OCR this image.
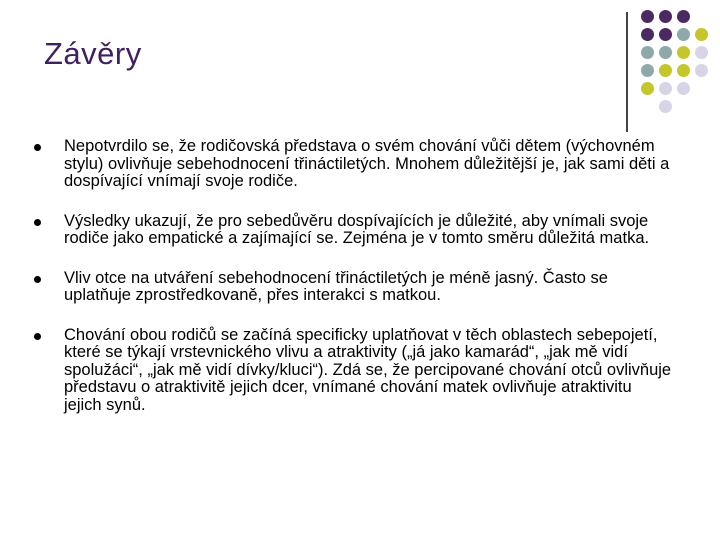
Závěry
Nepotvrdilo se, že rodičovská představa o svém chování vůči dětem (výchovném stylu) ovlivňuje sebehodnocení třináctiletých. Mnohem důležitější je, jak sami děti a dospívající vnímají svoje rodiče.
Výsledky ukazují, že pro sebedůvěru dospívajících je důležité, aby vnímali svoje rodiče jako empatické a zajímající se. Zejména je v tomto směru důležitá matka.
Vliv otce na utváření sebehodnocení třináctiletých je méně jasný. Často se uplatňuje zprostředkovaně, přes interakci s matkou.
Chování obou rodičů se začíná specificky uplatňovat v těch oblastech sebepojetí, které se týkají vrstevnického vlivu a atraktivity („já jako kamarád“, „jak mě vidí spolužáci“, „jak mě vidí dívky/kluci“). Zdá se, že percipované chování otců ovlivňuje představu o atraktivitě jejich dcer, vnímané chování matek ovlivňuje atraktivitu jejich synů.
